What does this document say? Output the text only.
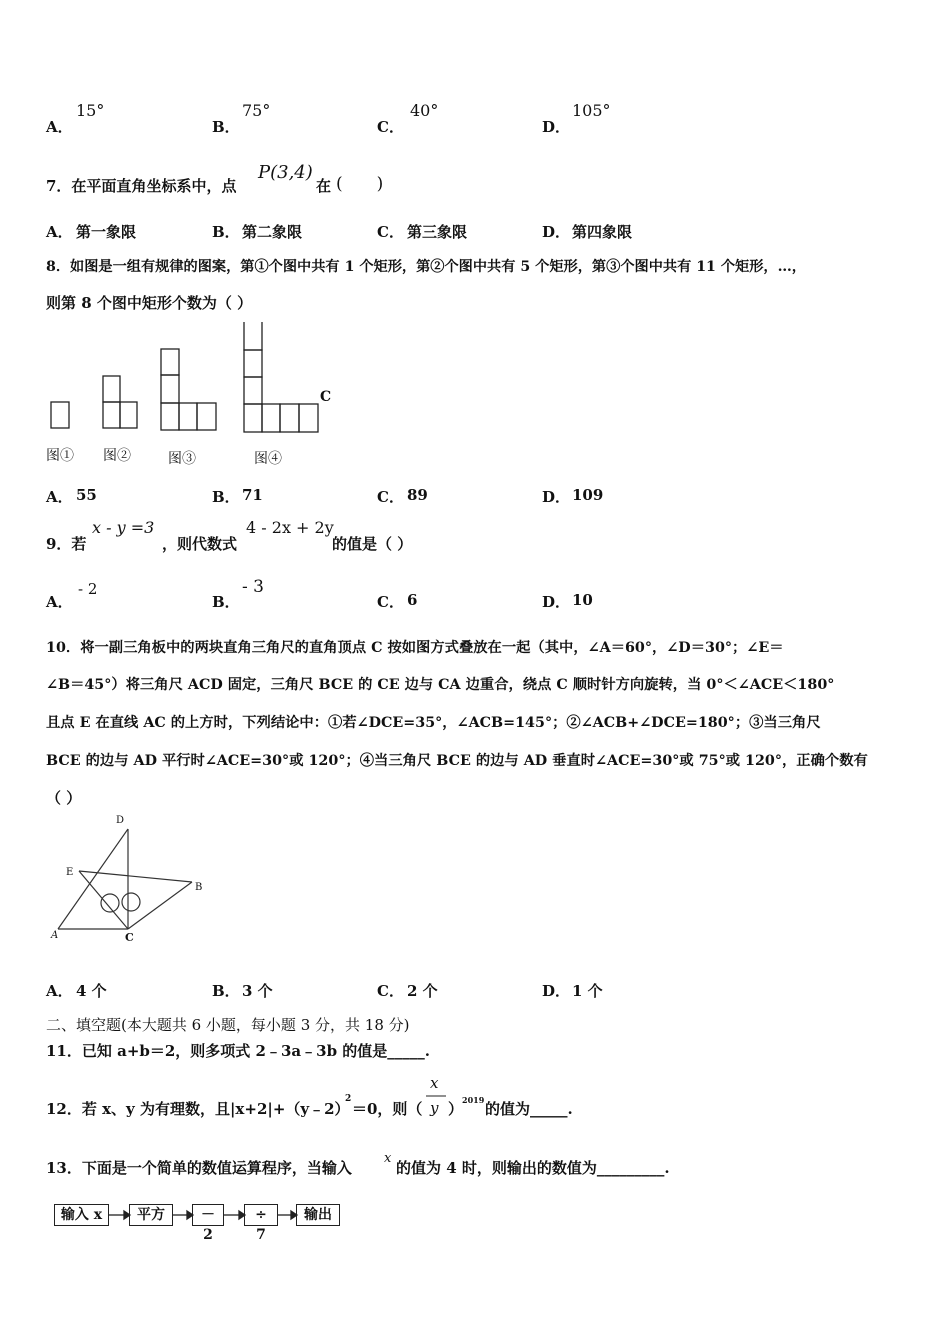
A．
15°
B．
75°
C．
40°
D．
105°
7．在平面直角坐标系中，点
P(3,4)
在 (　　)
A． 第一象限	B． 第二象限	C． 第三象限	D． 第四象限
8．如图是一组有规律的图案，第①个图中共有 1 个矩形，第②个图中共有 5 个矩形，第③个图中共有 11 个矩形，…，
则第 8 个图中矩形个数为（ ）
C
图① 图②	图③	图④
A． 55	B． 71	C． 89	D． 109
9．若
x - y =3
，则代数式
4 - 2x + 2y
的值是（ ）
A．
- 2
B．
- 3
C． 6	D． 10
10．将一副三角板中的两块直角三角尺的直角顶点 C 按如图方式叠放在一起（其中，∠A＝60°，∠D＝30°；∠E＝
∠B＝45°）将三角尺 ACD 固定，三角尺 BCE 的 CE 边与 CA 边重合，绕点 C 顺时针方向旋转，当 0°＜∠ACE＜180°
且点 E 在直线 AC 的上方时，下列结论中：①若∠DCE=35°，∠ACB=145°；②∠ACB+∠DCE=180°；③当三角尺
BCE 的边与 AD 平行时∠ACE=30°或 120°；④当三角尺 BCE 的边与 AD 垂直时∠ACE=30°或 75°或 120°，正确个数有
（ ）
D
E
B
A	C
A． 4 个	B． 3 个	C． 2 个	D． 1 个
二、填空题(本大题共 6 小题，每小题 3 分，共 18 分)
11．已知 a+b＝2，则多项式 2﹣3a﹣3b 的值是_____.
12．若 x、y 为有理数，且|x+2|+（y﹣2）
2
＝0，则（
x
y ）
2019 的值为_____.
13．下面是一个简单的数值运算程序，当输入
x
的值为 4 时，则输出的数值为_________.
输入 x	平方	－2
÷ 7
输出
